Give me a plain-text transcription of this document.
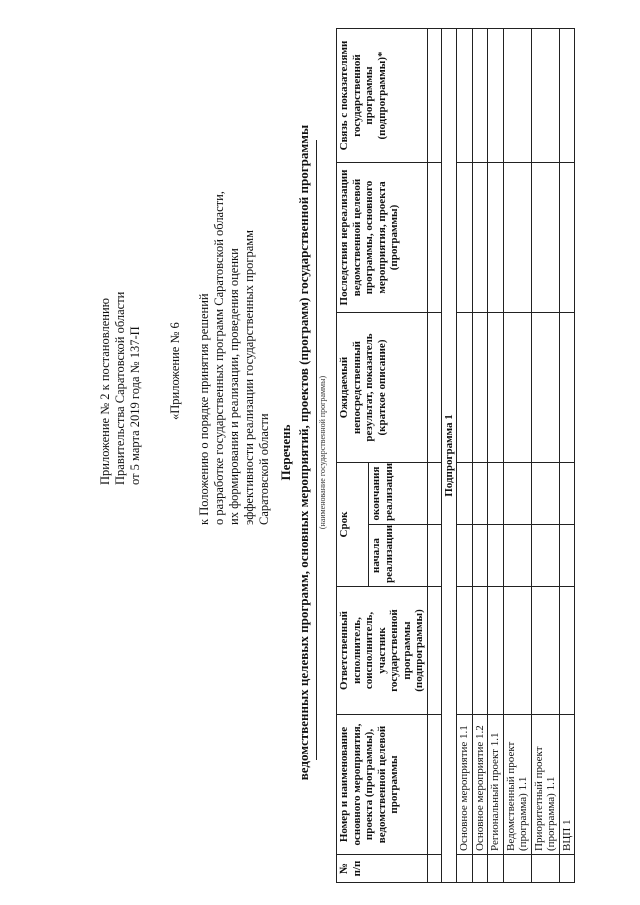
Приложение № 2 к постановлению Правительства Саратовской области от 5 марта 2019 года № 137-П «Приложение № 6 к Положению о порядке принятия решений о разработке государственных программ Саратовской области, их формирования и реализации, проведения оценки эффективности реализации государственных программ Саратовской области Перечень ведомственных целевых программ, основных мероприятий, проектов (программ) государственной программы (наименование государственной программы)
№ п/п	Номер и наименование основного мероприятия, проекта (программы), ведомственной целевой программы	Ответственный исполнитель, соисполнитель, участник государственной программы (подпрограммы)	Срок		Ожидаемый непосредственный результат, показатель (краткое описание)	Последствия нереализации ведомственной целевой программы, основного мероприятия, проекта (программы)	Связь с показателями государственной программы (подпрограммы)*
			начала реализации	окончания реализации			

Подпрограмма 1							
	Основное мероприятие 1.1						
	Основное мероприятие 1.2						
	Региональный проект 1.1						
	Ведомственный проект (программа) 1.1						
	Приоритетный проект (программа) 1.1						
	ВЦП 1						
